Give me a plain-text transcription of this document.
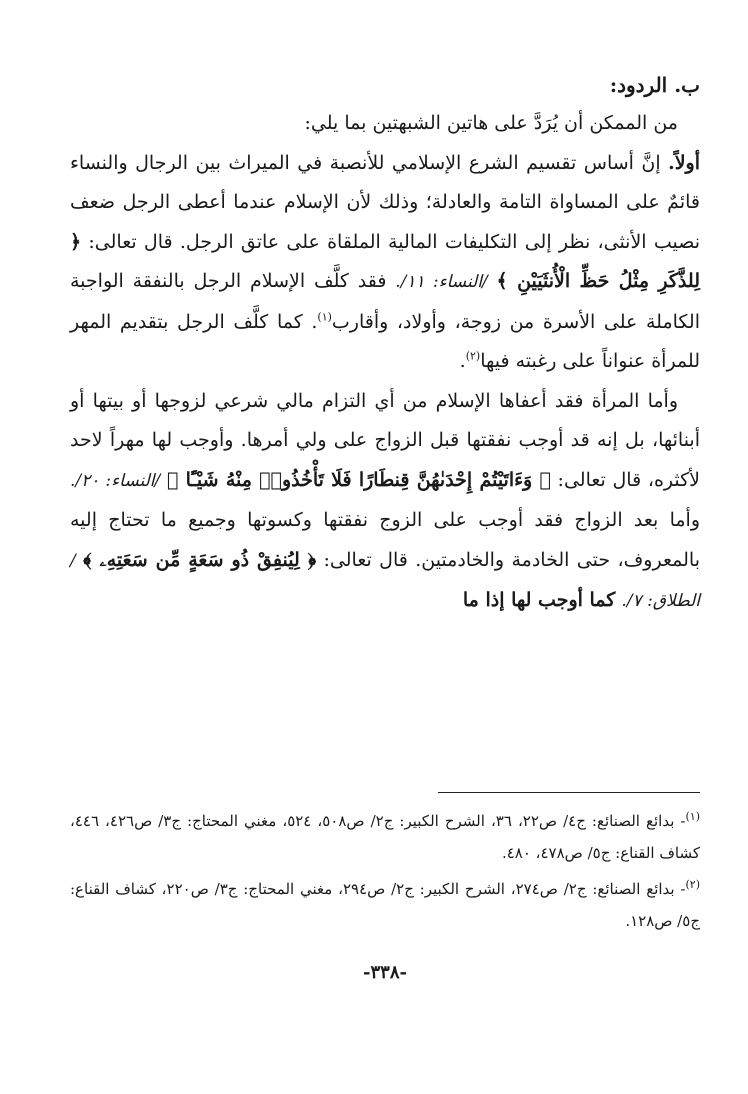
ب. الردود:

من الممكن أن يُرَدَّ على هاتين الشبهتين بما يلي:

أولاً. إنَّ أساس تقسيم الشرع الإسلامي للأنصبة في الميراث بين الرجال والنساء قائمٌ على المساواة التامة والعادلة؛ وذلك لأن الإسلام عندما أعطى الرجل ضعف نصيب الأنثى، نظر إلى التكليفات المالية الملقاة على عاتق الرجل. قال تعالى: ﴿ لِلذَّكَرِ مِثْلُ حَظِّ الْأُنثَيَيْنِ ﴾ /النساء: ١١/. فقد كلَّف الإسلام الرجل بالنفقة الواجبة الكاملة على الأسرة من زوجة، وأولاد، وأقارب$^{(١)}$. كما كلَّف الرجل بتقديم المهر للمرأة عنواناً على رغبته فيها$^{(٢)}$.

وأما المرأة فقد أعفاها الإسلام من أي التزام مالي شرعي لزوجها أو بيتها أو أبنائها، بل إنه قد أوجب نفقتها قبل الزواج على ولي أمرها. وأوجب لها مهراً لاحد لأكثره، قال تعالى: ﴿ وَءَاتَيْتُمْ إِحْدَىٰهُنَّ قِنطَارًا فَلَا تَأْخُذُوا۟ مِنْهُ شَيْـًٔا ﴾ /النساء: ٢٠/. وأما بعد الزواج فقد أوجب على الزوج نفقتها وكسوتها وجميع ما تحتاج إليه بالمعروف، حتى الخادمة والخادمتين. قال تعالى: ﴿ لِيُنفِقْ ذُو سَعَةٍ مِّن سَعَتِهِۦ ﴾ /الطلاق: ٧/. كما أوجب لها إذا ما

$^{(١)}$- بدائع الصنائع: ج٤/ ص٢٢، ٣٦، الشرح الكبير: ج٢/ ص٥٠٨، ٥٢٤، مغني المحتاج: ج٣/ ص٤٢٦، ٤٤٦، كشاف القناع: ج٥/ ص٤٧٨، ٤٨٠.

$^{(٢)}$- بدائع الصنائع: ج٢/ ص٢٧٤، الشرح الكبير: ج٢/ ص٢٩٤، مغني المحتاج: ج٣/ ص٢٢٠، كشاف القناع: ج٥/ ص١٢٨.

-٣٣٨-
